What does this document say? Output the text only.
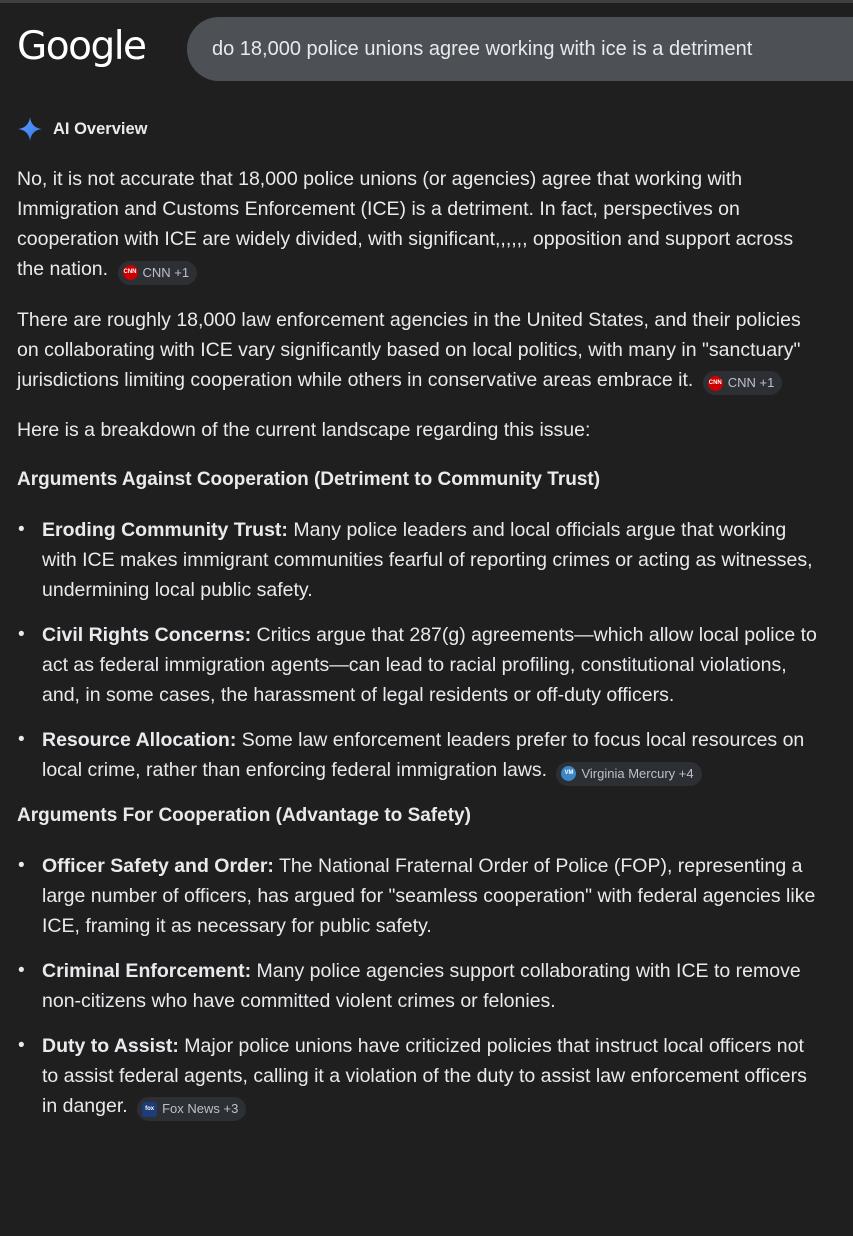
Google	do 18,000 police unions agree working with ice is a detriment
AI Overview

No, it is not accurate that 18,000 police unions (or agencies) agree that working with Immigration and Customs Enforcement (ICE) is a detriment. In fact, perspectives on cooperation with ICE are widely divided, with significant,,,,,, opposition and support across the nation.	CNN CNN +1

There are roughly 18,000 law enforcement agencies in the United States, and their policies on collaborating with ICE vary significantly based on local politics, with many in "sanctuary" jurisdictions limiting cooperation while others in conservative areas embrace it.	CNN CNN +1

Here is a breakdown of the current landscape regarding this issue:

Arguments Against Cooperation (Detriment to Community Trust)
• Eroding Community Trust: Many police leaders and local officials argue that working with ICE makes immigrant communities fearful of reporting crimes or acting as witnesses, undermining local public safety.
• Civil Rights Concerns: Critics argue that 287(g) agreements—which allow local police to act as federal immigration agents—can lead to racial profiling, constitutional violations, and, in some cases, the harassment of legal residents or off-duty officers.
• Resource Allocation: Some law enforcement leaders prefer to focus local resources on local crime, rather than enforcing federal immigration laws.	VM Virginia Mercury +4
Arguments For Cooperation (Advantage to Safety)
• Officer Safety and Order: The National Fraternal Order of Police (FOP), representing a large number of officers, has argued for "seamless cooperation" with federal agencies like ICE, framing it as necessary for public safety.
• Criminal Enforcement: Many police agencies support collaborating with ICE to remove non-citizens who have committed violent crimes or felonies.
• Duty to Assist: Major police unions have criticized policies that instruct local officers not to assist federal agents, calling it a violation of the duty to assist law enforcement officers in danger.	fox Fox News +3
